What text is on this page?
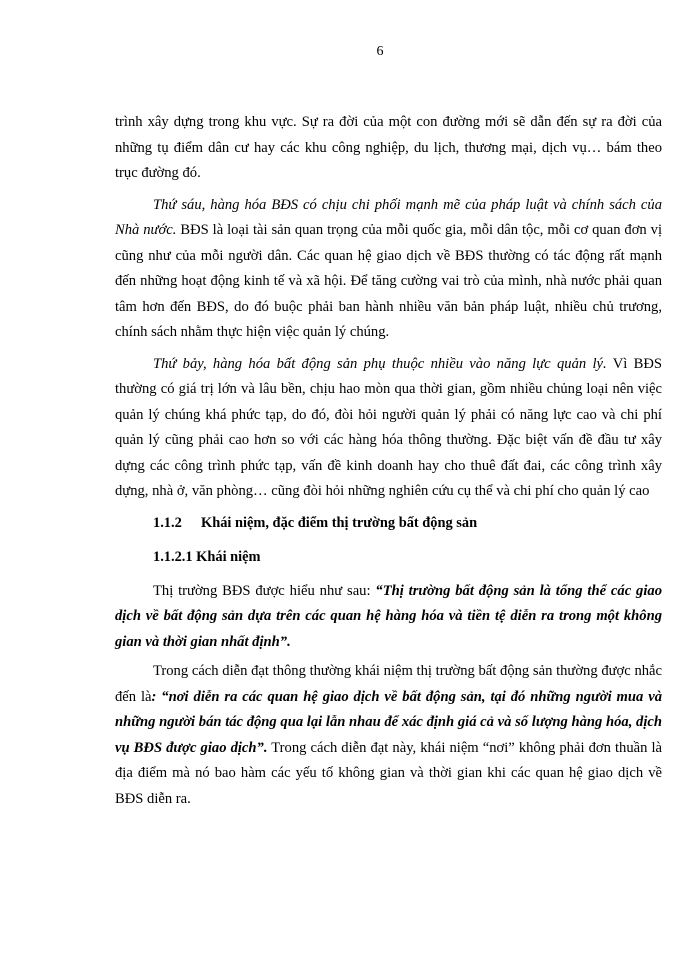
6

trình xây dựng trong khu vực. Sự ra đời của một con đường mới sẽ dẫn đến sự ra đời của những tụ điểm dân cư hay các khu công nghiệp, du lịch, thương mại, dịch vụ… bám theo trục đường đó.

Thứ sáu, hàng hóa BĐS có chịu chi phối mạnh mẽ của pháp luật và chính sách của Nhà nước. BĐS là loại tài sản quan trọng của mỗi quốc gia, mỗi dân tộc, mỗi cơ quan đơn vị cũng như của mỗi người dân. Các quan hệ giao dịch về BĐS thường có tác động rất mạnh đến những hoạt động kinh tế và xã hội. Để tăng cường vai trò của mình, nhà nước phải quan tâm hơn đến BĐS, do đó buộc phải ban hành nhiều văn bản pháp luật, nhiều chủ trương, chính sách nhằm thực hiện việc quản lý chúng.

Thứ bảy, hàng hóa bất động sản phụ thuộc nhiều vào năng lực quản lý. Vì BĐS thường có giá trị lớn và lâu bền, chịu hao mòn qua thời gian, gồm nhiều chủng loại nên việc quản lý chúng khá phức tạp, do đó, đòi hỏi người quản lý phải có năng lực cao và chi phí quản lý cũng phải cao hơn so với các hàng hóa thông thường. Đặc biệt vấn đề đầu tư xây dựng các công trình phức tạp, vấn đề kinh doanh hay cho thuê đất đai, các công trình xây dựng, nhà ở, văn phòng… cũng đòi hỏi những nghiên cứu cụ thể và chi phí cho quản lý cao

1.1.2 Khái niệm, đặc điểm thị trường bất động sản
1.1.2.1 Khái niệm

Thị trường BĐS được hiểu như sau: “Thị trường bất động sản là tổng thể các giao dịch về bất động sản dựa trên các quan hệ hàng hóa và tiền tệ diễn ra trong một không gian và thời gian nhất định”.

Trong cách diễn đạt thông thường khái niệm thị trường bất động sản thường được nhắc đến là: “nơi diễn ra các quan hệ giao dịch về bất động sản, tại đó những người mua và những người bán tác động qua lại lẫn nhau để xác định giá cả và số lượng hàng hóa, dịch vụ BĐS được giao dịch”. Trong cách diễn đạt này, khái niệm “nơi” không phải đơn thuần là địa điểm mà nó bao hàm các yếu tố không gian và thời gian khi các quan hệ giao dịch về BĐS diễn ra.
